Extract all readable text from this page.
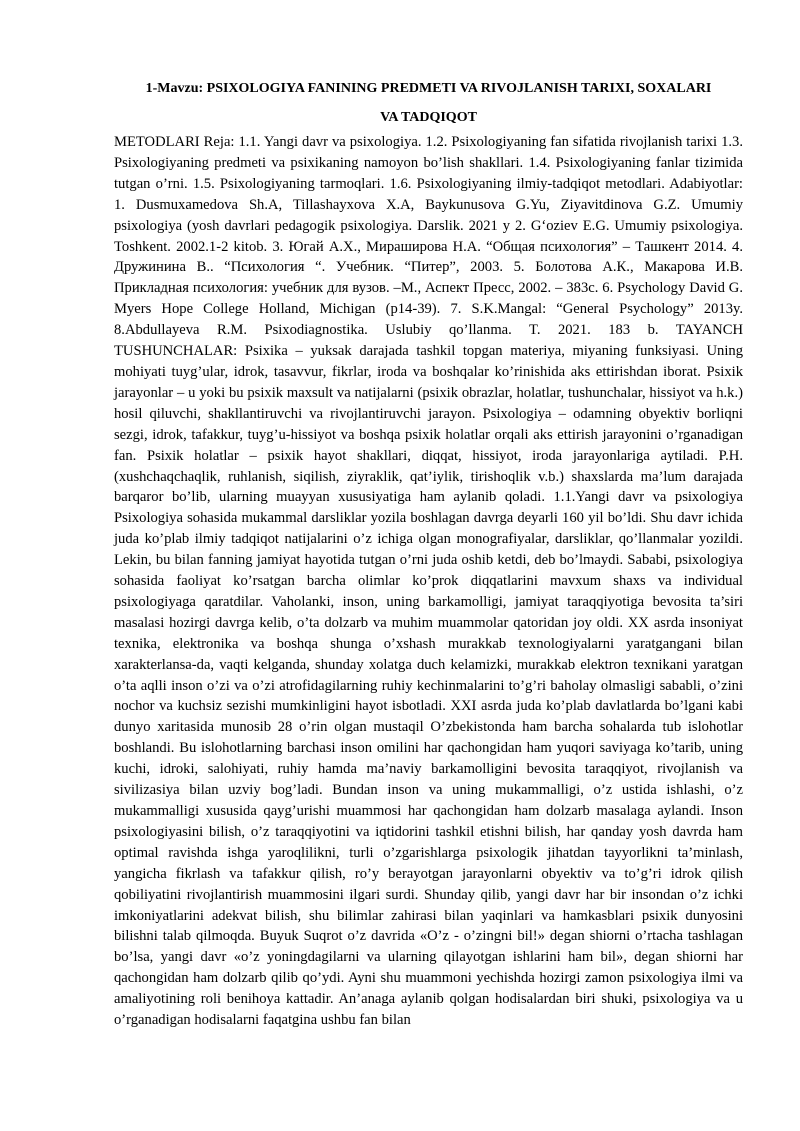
1-Mavzu: PSIXOLOGIYA FANINING PREDMETI VA RIVOJLANISH TARIXI, SOXALARI
VA TADQIQOT

METODLARI Reja: 1.1. Yangi davr va psixologiya. 1.2. Psixologiyaning fan sifatida rivojlanish tarixi 1.3. Psixologiyaning predmeti va psixikaning namoyon bo’lish shakllari. 1.4. Psixologiyaning fanlar tizimida tutgan o’rni. 1.5. Psixologiyaning tarmoqlari. 1.6. Psixologiyaning ilmiy-tadqiqot metodlari. Adabiyotlar: 1. Dusmuxamedova Sh.A, Tillashayxova X.A, Baykunusova G.Yu, Ziyavitdinova G.Z. Umumiy psixologiya (yosh davrlari pedagogik psixologiya. Darslik. 2021 y 2. G‘oziev E.G. Umumiy psixologiya. Toshkent. 2002.1-2 kitob. 3. Югай А.Х., Миpашиpова Н.А. “Общая психология” – Ташкент 2014. 4. Дружинина В.. “Психология “. Учебник. “Питер”, 2003. 5. Болотова А.К., Макарова И.В. Прикладная психология: учебник для вузов. –М., Аспект Пресс, 2002. – 383с. 6. Psychology David G. Myers Hope College Holland, Michigan (p14-39). 7. S.K.Mangal: “General Psychology” 2013y. 8.Abdullayeva R.M. Psixodiagnostika. Uslubiy qo’llanma. T. 2021. 183 b. TAYANCH TUSHUNCHALAR: Psixika – yuksak darajada tashkil topgan materiya, miyaning funksiyasi. Uning mohiyati tuyg’ular, idrok, tasavvur, fikrlar, iroda va boshqalar ko’rinishida aks ettirishdan iborat. Psixik jarayonlar – u yoki bu psixik maxsult va natijalarni (psixik obrazlar, holatlar, tushunchalar, hissiyot va h.k.) hosil qiluvchi, shakllantiruvchi va rivojlantiruvchi jarayon. Psixologiya – odamning obyektiv borliqni sezgi, idrok, tafakkur, tuyg’u-hissiyot va boshqa psixik holatlar orqali aks ettirish jarayonini o’rganadigan fan. Psixik holatlar – psixik hayot shakllari, diqqat, hissiyot, iroda jarayonlariga aytiladi. P.H. (xushchaqchaqlik, ruhlanish, siqilish, ziyraklik, qat’iylik, tirishoqlik v.b.) shaxslarda ma’lum darajada barqaror bo’lib, ularning muayyan xususiyatiga ham aylanib qoladi. 1.1.Yangi davr va psixologiya Psixologiya sohasida mukammal darsliklar yozila boshlagan davrga deyarli 160 yil bo’ldi. Shu davr ichida juda ko’plab ilmiy tadqiqot natijalarini o’z ichiga olgan monografiyalar, darsliklar, qo’llanmalar yozildi. Lekin, bu bilan fanning jamiyat hayotida tutgan o’rni juda oshib ketdi, deb bo’lmaydi. Sababi, psixologiya sohasida faoliyat ko’rsatgan barcha olimlar ko’prok diqqatlarini mavxum shaxs va individual psixologiyaga qaratdilar. Vaholanki, inson, uning barkamolligi, jamiyat taraqqiyotiga bevosita ta’siri masalasi hozirgi davrga kelib, o’ta dolzarb va muhim muammolar qatoridan joy oldi. XX asrda insoniyat texnika, elektronika va boshqa shunga o’xshash murakkab texnologiyalarni yaratgangani bilan xarakterlansa-da, vaqti kelganda, shunday xolatga duch kelamizki, murakkab elektron texnikani yaratgan o’ta aqlli inson o’zi va o’zi atrofidagilarning ruhiy kechinmalarini to’g’ri baholay olmasligi sababli, o’zini nochor va kuchsiz sezishi mumkinligini hayot isbotladi. XXI asrda juda ko’plab davlatlarda bo’lgani kabi dunyo xaritasida munosib 28 o’rin olgan mustaqil O’zbekistonda ham barcha sohalarda tub islohotlar boshlandi. Bu islohotlarning barchasi inson omilini har qachongidan ham yuqori saviyaga ko’tarib, uning kuchi, idroki, salohiyati, ruhiy hamda ma’naviy barkamolligini bevosita taraqqiyot, rivojlanish va sivilizasiya bilan uzviy bog’ladi. Bundan inson va uning mukammalligi, o’z ustida ishlashi, o’z mukammalligi xususida qayg’urishi muammosi har qachongidan ham dolzarb masalaga aylandi. Inson psixologiyasini bilish, o’z taraqqiyotini va iqtidorini tashkil etishni bilish, har qanday yosh davrda ham optimal ravishda ishga yaroqlilikni, turli o’zgarishlarga psixologik jihatdan tayyorlikni ta’minlash, yangicha fikrlash va tafakkur qilish, ro’y berayotgan jarayonlarni obyektiv va to’g’ri idrok qilish qobiliyatini rivojlantirish muammosini ilgari surdi. Shunday qilib, yangi davr har bir insondan o’z ichki imkoniyatlarini adekvat bilish, shu bilimlar zahirasi bilan yaqinlari va hamkasblari psixik dunyosini bilishni talab qilmoqda. Buyuk Suqrot o’z davrida «O’z - o’zingni bil!» degan shiorni o’rtacha tashlagan bo’lsa, yangi davr «o’z yoningdagilarni va ularning qilayotgan ishlarini ham bil», degan shiorni har qachongidan ham dolzarb qilib qo’ydi. Ayni shu muammoni yechishda hozirgi zamon psixologiya ilmi va amaliyotining roli benihoya kattadir. An’anaga aylanib qolgan hodisalardan biri shuki, psixologiya va u o’rganadigan hodisalarni faqatgina ushbu fan bilan
